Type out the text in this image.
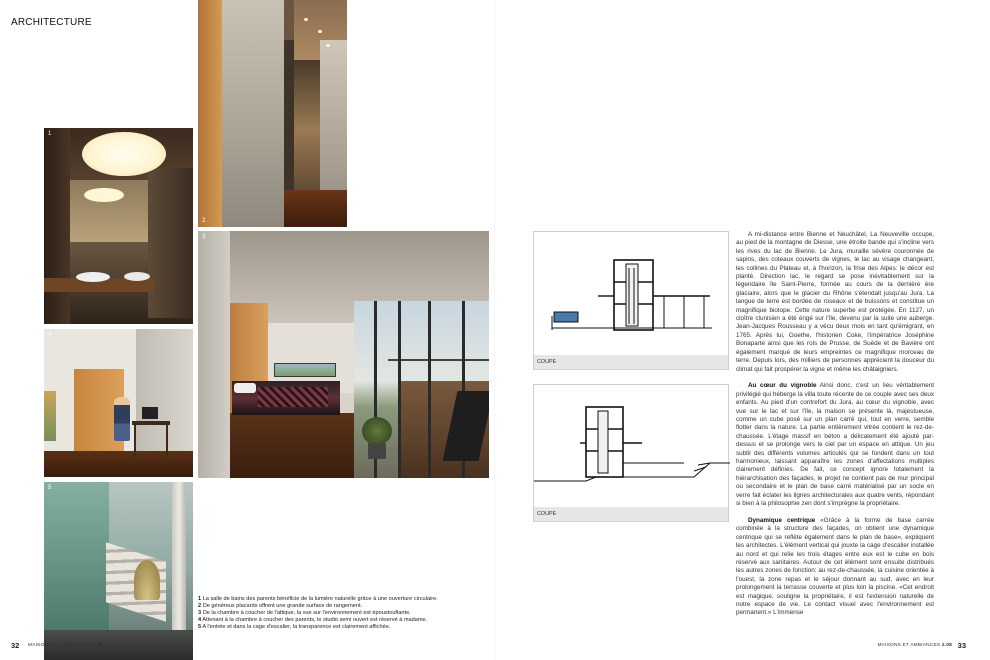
ARCHITECTURE
1
2
3
4
5
1 La salle de bains des parents bénéficie de la lumière naturelle grâce à une ouverture circulaire.
2 De généreux placards offrent une grande surface de rangement.
3 De la chambre à coucher de l'attique, la vue sur l'environnement est époustouflante.
4 Attenant à la chambre à coucher des parents, le studio semi ouvert est réservé à madame.
5 A l'entrée et dans la cage d'escalier, la transparence est clairement affichée.
COUPE
COUPE

A mi-distance entre Bienne et Neuchâtel, La Neuveville occupe, au pied de la montagne de Diesse, une étroite bande qui s'incline vers les rives du lac de Bienne. Le Jura, muraille sévère couronnée de sapins, des coteaux couverts de vignes, le lac au visage changeant, les collines du Plateau et, à l'horizon, la frise des Alpes: le décor est planté. Direction lac, le regard se pose inévitablement sur la légendaire île Saint-Pierre, formée au cours de la dernière ère glaciaire, alors que le glacier du Rhône s'étendait jusqu'au Jura. La langue de terre est bordée de roseaux et de buissons et constitue un magnifique biotope. Cette nature superbe est protégée. En 1127, un cloître clunisien a été érigé sur l'île, devenu par la suite une auberge. Jean-Jacques Rousseau y a vécu deux mois en tant qu'émigrant, en 1765. Après lui, Goethe, l'historien Coke, l'impératrice Joséphine Bonaparte ainsi que les rois de Prusse, de Suède et de Bavière ont également marqué de leurs empreintes ce magnifique morceau de terre. Depuis lors, des milliers de personnes apprécient la douceur du climat qui fait prospérer la vigne et même les châtaigniers.

Au cœur du vignoble Ainsi donc, c'est un lieu véritablement privilégié qui héberge la villa toute récente de ce couple avec ses deux enfants. Au pied d'un contrefort du Jura, au cœur du vignoble, avec vue sur le lac et sur l'île, la maison se présente là, majestueuse, comme un cube posé sur un plan carré qui, tout en verre, semble flotter dans la nature. La partie entièrement vitrée contient le rez-de-chaussée. L'étage massif en béton a délicatement été ajouté par-dessus et se prolonge vers le ciel par un espace en attique. Un jeu subtil des différents volumes articulés qui se fondent dans un tout harmonieux, laissant apparaître les zones d'affectations multiples clairement définies. De fait, ce concept ignore totalement la hiérarchisation des façades, le projet ne contient pas de mur principal ou secondaire et le plan de base carré matérialisé par un socle en verre fait éclater les lignes architecturales aux quatre vents, répondant si bien à la philosophie zen dont s'imprègne la propriétaire.

Dynamique centrique «Grâce à la forme de base carrée combinée à la structure des façades, on obtient une dynamique centrique qui se reflète également dans le plan de base», expliquent les architectes. L'élément vertical qui jouxte la cage d'escalier installée au nord et qui relie les trois étages entre eux est le cube en bois réservé aux sanitaires. Autour de cet élément sont ensuite distribués les autres zones de fonction: au rez-de-chaussée, la cuisine orientée à l'ouest, la zone repas et le séjour donnant au sud, avec en leur prolongement la terrasse couverte et plus loin la piscine. «Cet endroit est magique, souligne la propriétaire, il est l'extension naturelle de notre espace de vie. Le contact visuel avec l'environnement est permanent.» L'immense

32 MAISONS ET AMBIANCES 2.08	MAISONS ET AMBIANCES 2.08 33
